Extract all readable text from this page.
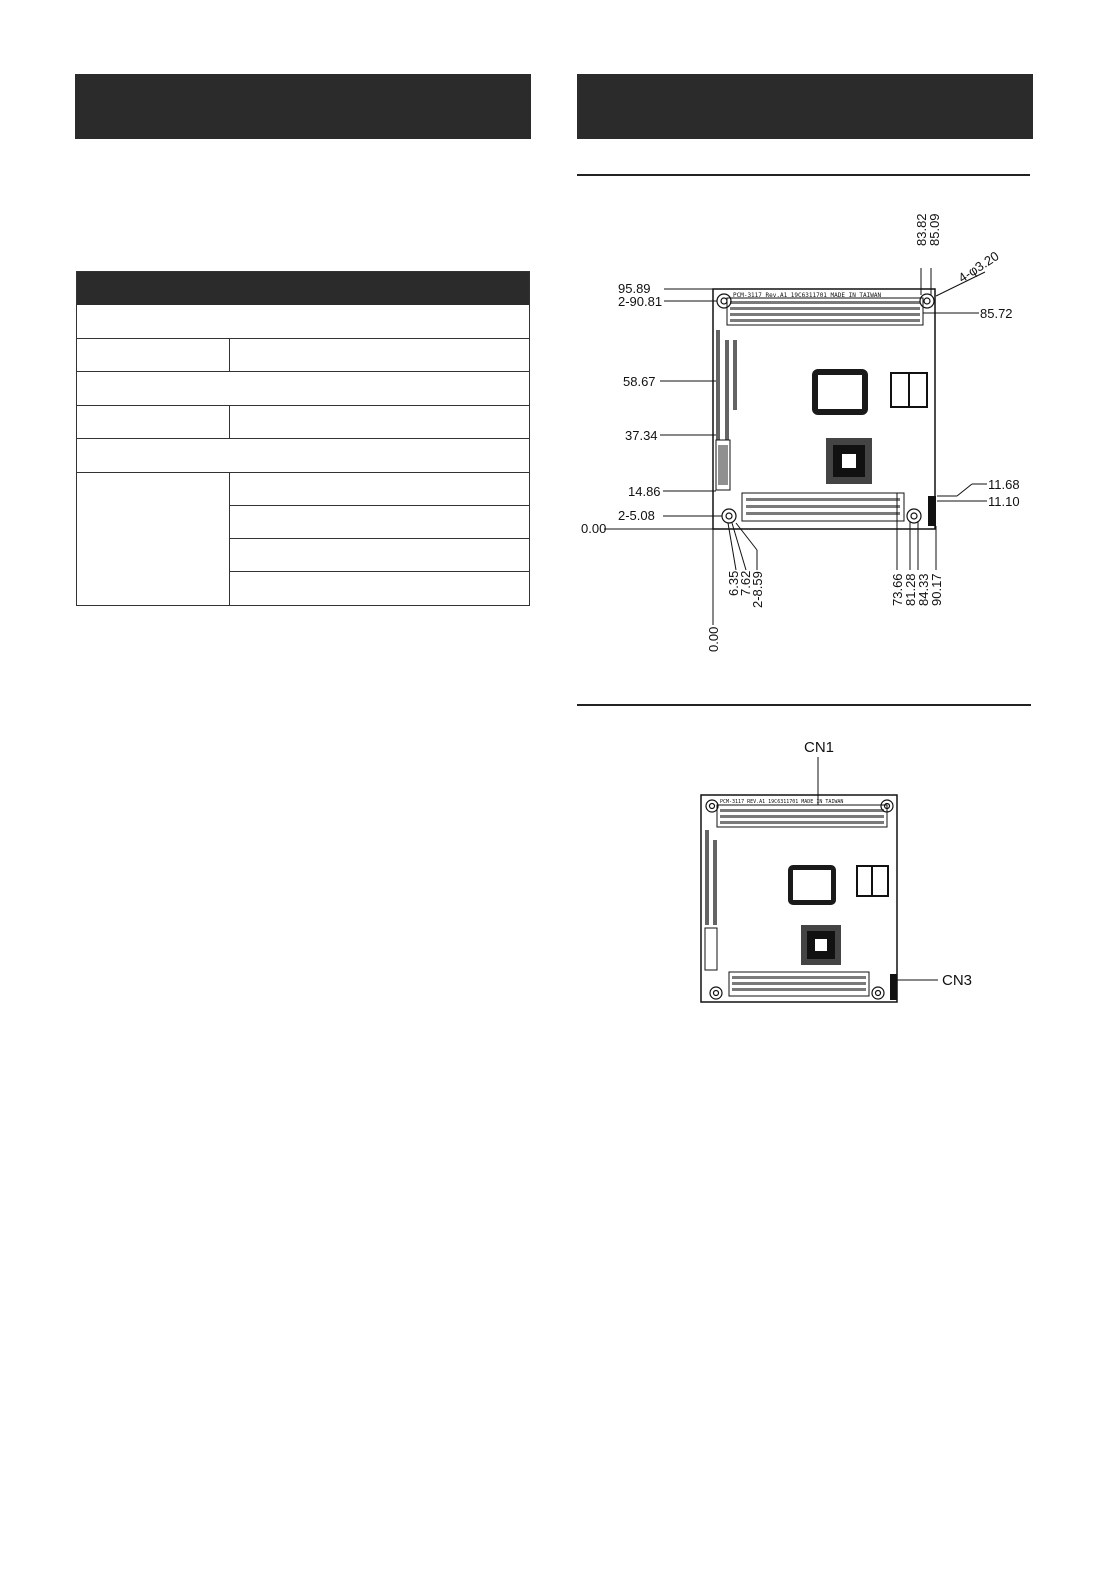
PCM-3117 Rev.A1 19C6311701 MADE IN TAIWAN
95.89
2-90.81
58.67
37.34
14.86
2-5.08
0.00
6.35
7.62
2-8.59
0.00
73.66
81.28
84.33
90.17
83.82
85.09
4-φ3.20
85.72
11.68
11.10
PCM-3117 REV.A1 19C6311701 MADE IN TAIWAN
CN1
CN3
